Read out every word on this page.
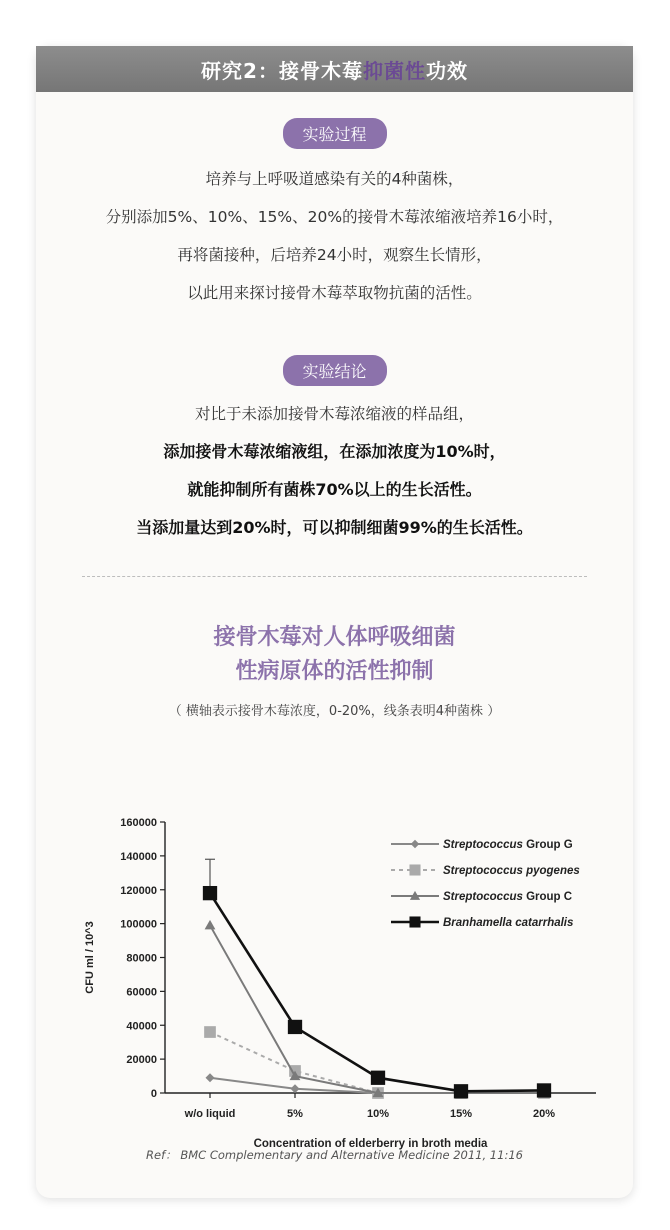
研究2：接骨木莓 抑菌性 功效
实验过程
培养与上呼吸道感染有关的4种菌株，
分别添加5%、10%、15%、20%的接骨木莓浓缩液培养16小时，
再将菌接种，后培养24小时，观察生长情形，
以此用来探讨接骨木莓萃取物抗菌的活性。
实验结论
对比于未添加接骨木莓浓缩液的样品组，
添加接骨木莓浓缩液组，在添加浓度为10%时，
就能抑制所有菌株70%以上的生长活性。
当添加量达到20%时，可以抑制细菌99%的生长活性。
接骨木莓对人体呼吸细菌
性病原体的活性抑制
（ 横轴表示接骨木莓浓度，0-20%，线条表明4种菌株 ）
0
20000
40000
60000
80000
100000
120000
140000
160000
w/o liquid	5%	10%	15%	20%
Concentration of elderberry in broth media
CFU ml / 10^3
Streptococcus Group G
Streptococcus pyogenes
Streptococcus Group C
Branhamella catarrhalis
Ref： BMC Complementary and Alternative Medicine 2011, 11:16
